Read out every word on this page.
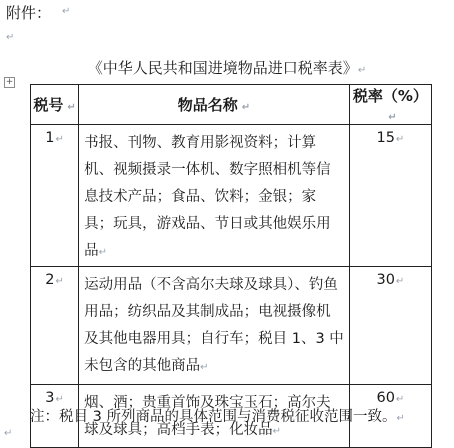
附件： ↵
↵
《中华人民共和国进境物品进口税率表》↵
+
税号 ↵	物品名称 ↵	税率（%）↵
1↵	书报、刊物、教育用影视资料；计算机、视频摄录一体机、数字照相机等信息技术产品；食品、饮料；金银；家具；玩具，游戏品、节日或其他娱乐用品↵	15↵
2↵	运动用品（不含高尔夫球及球具）、钓鱼用品；纺织品及其制成品；电视摄像机及其他电器用具；自行车；税目 1、3 中未包含的其他商品↵	30↵
3↵	烟、酒；贵重首饰及珠宝玉石；高尔夫球及球具；高档手表；化妆品↵	60↵
注：税目 3 所列商品的具体范围与消费税征收范围一致。↵
↵
